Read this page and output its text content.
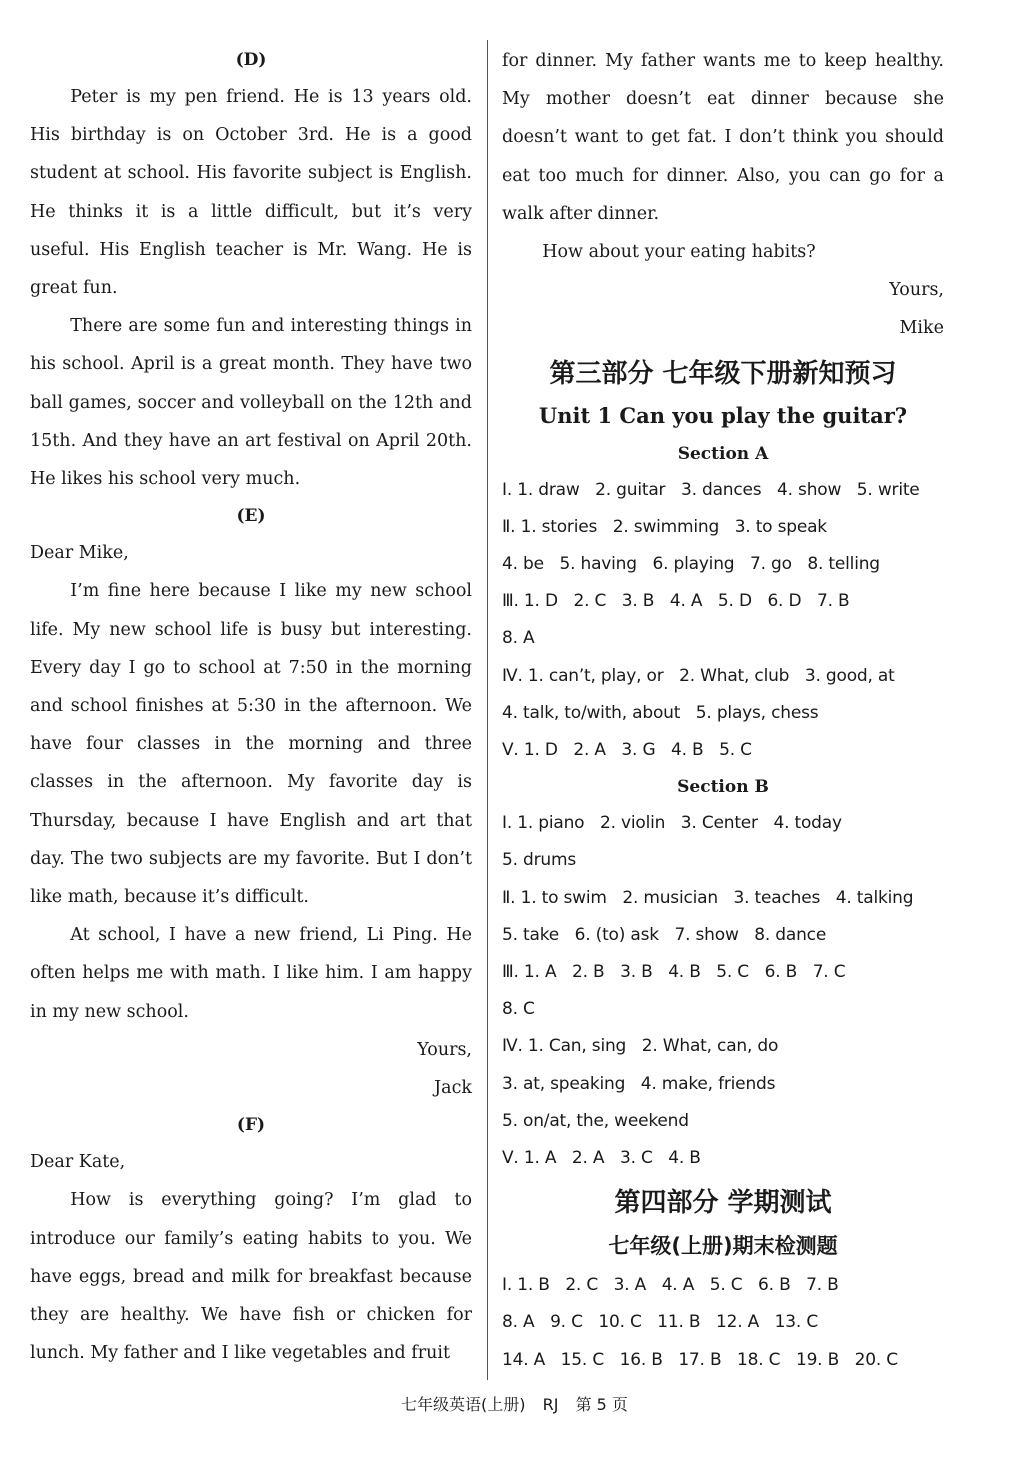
(D)

Peter is my pen friend. He is 13 years old. His birthday is on October 3rd. He is a good student at school. His favorite subject is English. He thinks it is a little difficult, but it’s very useful. His English teacher is Mr. Wang. He is great fun.

There are some fun and interesting things in his school. April is a great month. They have two ball games, soccer and volleyball on the 12th and 15th. And they have an art festival on April 20th. He likes his school very much.

(E)

Dear Mike,

I’m fine here because I like my new school life. My new school life is busy but interesting. Every day I go to school at 7:50 in the morning and school finishes at 5:30 in the afternoon. We have four classes in the morning and three classes in the afternoon. My favorite day is Thursday, because I have English and art that day. The two subjects are my favorite. But I don’t like math, because it’s difficult.

At school, I have a new friend, Li Ping. He often helps me with math. I like him. I am happy in my new school.

Yours,

Jack

(F)

Dear Kate,

How is everything going? I’m glad to introduce our family’s eating habits to you. We have eggs, bread and milk for breakfast because they are healthy. We have fish or chicken for lunch. My father and I like vegetables and fruit

for dinner. My father wants me to keep healthy. My mother doesn’t eat dinner because she doesn’t want to get fat. I don’t think you should eat too much for dinner. Also, you can go for a walk after dinner.

How about your eating habits?

Yours,

Mike

第三部分 七年级下册新知预习

Unit 1 Can you play the guitar?

Section A

Ⅰ. 1. draw   2. guitar   3. dances   4. show   5. write

Ⅱ. 1. stories   2. swimming   3. to speak

4. be   5. having   6. playing   7. go   8. telling

Ⅲ. 1. D   2. C   3. B   4. A   5. D   6. D   7. B

8. A

Ⅳ. 1. can’t, play, or   2. What, club   3. good, at

4. talk, to/with, about   5. plays, chess

Ⅴ. 1. D   2. A   3. G   4. B   5. C

Section B

Ⅰ. 1. piano   2. violin   3. Center   4. today

5. drums

Ⅱ. 1. to swim   2. musician   3. teaches   4. talking

5. take   6. (to) ask   7. show   8. dance

Ⅲ. 1. A   2. B   3. B   4. B   5. C   6. B   7. C

8. C

Ⅳ. 1. Can, sing   2. What, can, do

3. at, speaking   4. make, friends

5. on/at, the, weekend

Ⅴ. 1. A   2. A   3. C   4. B

第四部分 学期测试

七年级(上册)期末检测题

Ⅰ. 1. B   2. C   3. A   4. A   5. C   6. B   7. B

8. A   9. C   10. C   11. B   12. A   13. C

14. A   15. C   16. B   17. B   18. C   19. B   20. C

七年级英语(上册) RJ 第 5 页
